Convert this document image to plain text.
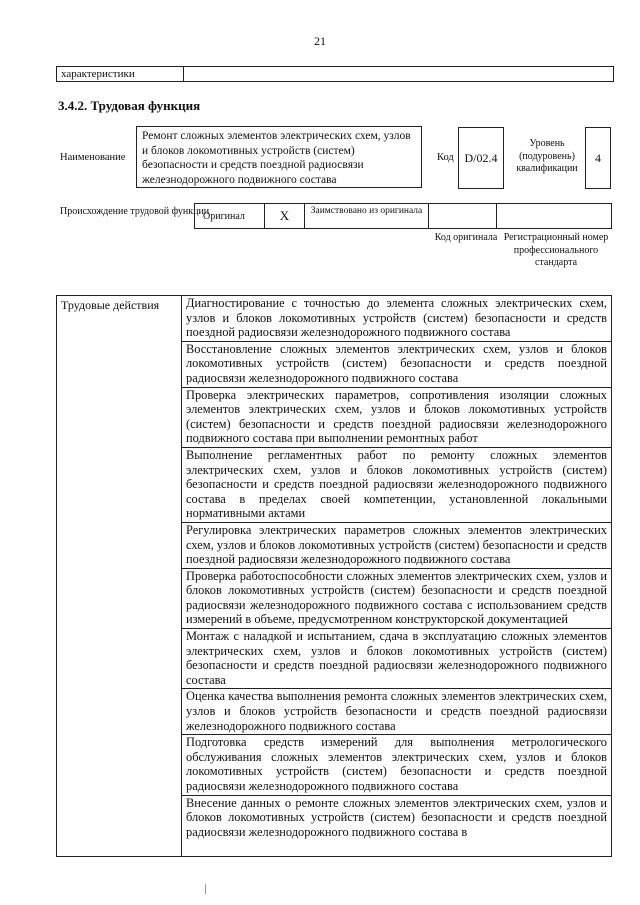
21
характеристики
3.4.2. Трудовая функция
Наименование
Ремонт сложных элементов электрических схем, узлов и блоков локомотивных устройств (систем) безопасности и средств поездной радиосвязи железнодорожного подвижного состава
Код D/02.4
Уровень (подуровень) квалификации
4
Происхождение трудовой функции
Оригинал	X	Заимствовано из оригинала
Код оригинала Регистрационный номер профессионального стандарта
Трудовые действия	Диагностирование с точностью до элемента сложных электрических схем, узлов и блоков локомотивных устройств (систем) безопасности и средств поездной радиосвязи железнодорожного подвижного состава
Восстановление сложных элементов электрических схем, узлов и блоков локомотивных устройств (систем) безопасности и средств поездной радиосвязи железнодорожного подвижного состава
Проверка электрических параметров, сопротивления изоляции сложных элементов электрических схем, узлов и блоков локомотивных устройств (систем) безопасности и средств поездной радиосвязи железнодорожного подвижного состава при выполнении ремонтных работ
Выполнение регламентных работ по ремонту сложных элементов электрических схем, узлов и блоков локомотивных устройств (систем) безопасности и средств поездной радиосвязи железнодорожного подвижного состава в пределах своей компетенции, установленной локальными нормативными актами
Регулировка электрических параметров сложных элементов электрических схем, узлов и блоков локомотивных устройств (систем) безопасности и средств поездной радиосвязи железнодорожного подвижного состава
Проверка работоспособности сложных элементов электрических схем, узлов и блоков локомотивных устройств (систем) безопасности и средств поездной радиосвязи железнодорожного подвижного состава с использованием средств измерений в объеме, предусмотренном конструкторской документацией
Монтаж с наладкой и испытанием, сдача в эксплуатацию сложных элементов электрических схем, узлов и блоков локомотивных устройств (систем) безопасности и средств поездной радиосвязи железнодорожного подвижного состава
Оценка качества выполнения ремонта сложных элементов электрических схем, узлов и блоков устройств безопасности и средств поездной радиосвязи железнодорожного подвижного состава
Подготовка средств измерений для выполнения метрологического обслуживания сложных элементов электрических схем, узлов и блоков локомотивных устройств (систем) безопасности и средств поездной радиосвязи железнодорожного подвижного состава
Внесение данных о ремонте сложных элементов электрических схем, узлов и блоков локомотивных устройств (систем) безопасности и средств поездной радиосвязи железнодорожного подвижного состава в
